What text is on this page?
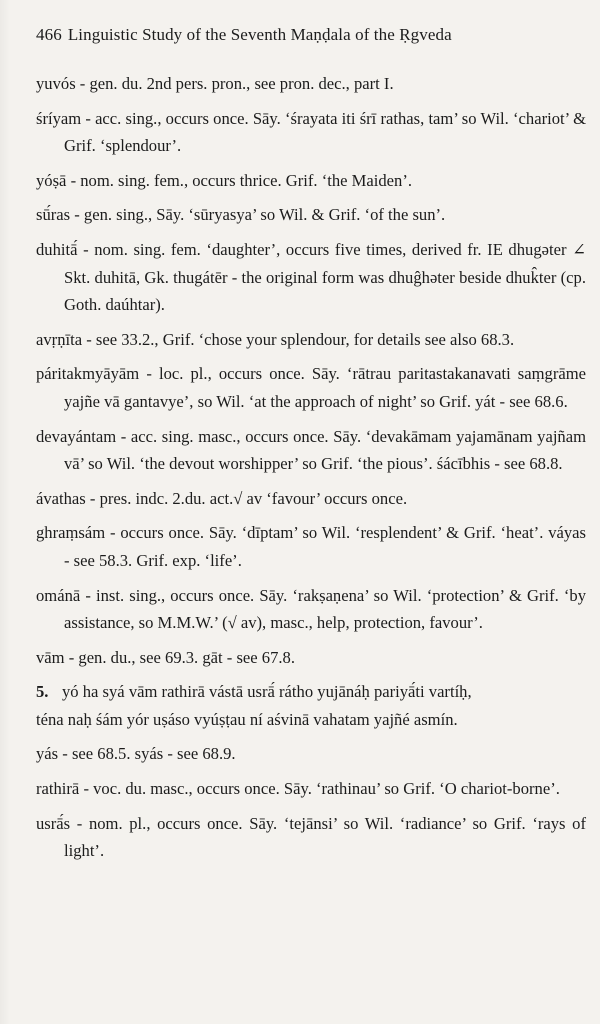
466 Linguistic Study of the Seventh Maṇḍala of the Ṛgveda

yuvós - gen. du. 2nd pers. pron., see pron. dec., part I.

śríyam - acc. sing., occurs once. Sāy. ‘śrayata iti śrī rathas, tam’ so Wil. ‘chariot’ & Grif. ‘splendour’.

yóṣā - nom. sing. fem., occurs thrice. Grif. ‘the Maiden’.

sū́ras - gen. sing., Sāy. ‘sūryasya’ so Wil. & Grif. ‘of the sun’.

duhitā́ - nom. sing. fem. ‘daughter’, occurs five times, derived fr. IE dhugəter ∠ Skt. duhitā, Gk. thugátēr - the original form was dhuĝhəter beside dhuk̂ter (cp. Goth. daúhtar).

avṛṇīta - see 33.2., Grif. ‘chose your splendour, for details see also 68.3.

páritakmyāyām - loc. pl., occurs once. Sāy. ‘rātrau paritastakanavati saṃgrāme yajñe vā gantavye’, so Wil. ‘at the approach of night’ so Grif. yát - see 68.6.

devayántam - acc. sing. masc., occurs once. Sāy. ‘devakāmam yajamānam yajñam vā’ so Wil. ‘the devout worshipper’ so Grif. ‘the pious’. śácībhis - see 68.8.

ávathas - pres. indc. 2.du. act.√ av ‘favour’ occurs once.

ghraṃsám - occurs once. Sāy. ‘dīptam’ so Wil. ‘resplendent’ & Grif. ‘heat’. váyas - see 58.3. Grif. exp. ‘life’.

ománā - inst. sing., occurs once. Sāy. ‘rakṣaṇena’ so Wil. ‘protection’ & Grif. ‘by assistance, so M.M.W.’ (√ av), masc., help, protection, favour’.

vām - gen. du., see 69.3. gāt - see 67.8.

5. yó ha syá vām rathirā vástā usrā́ rátho yujānáḥ pariyā́ti vartíḥ,
téna naḥ śám yór uṣáso vyúṣṭau ní aśvinā vahatam yajñé asmín.

yás - see 68.5. syás - see 68.9.

rathirā - voc. du. masc., occurs once. Sāy. ‘rathinau’ so Grif. ‘O chariot-borne’.

usrā́s - nom. pl., occurs once. Sāy. ‘tejānsi’ so Wil. ‘radiance’ so Grif. ‘rays of light’.
